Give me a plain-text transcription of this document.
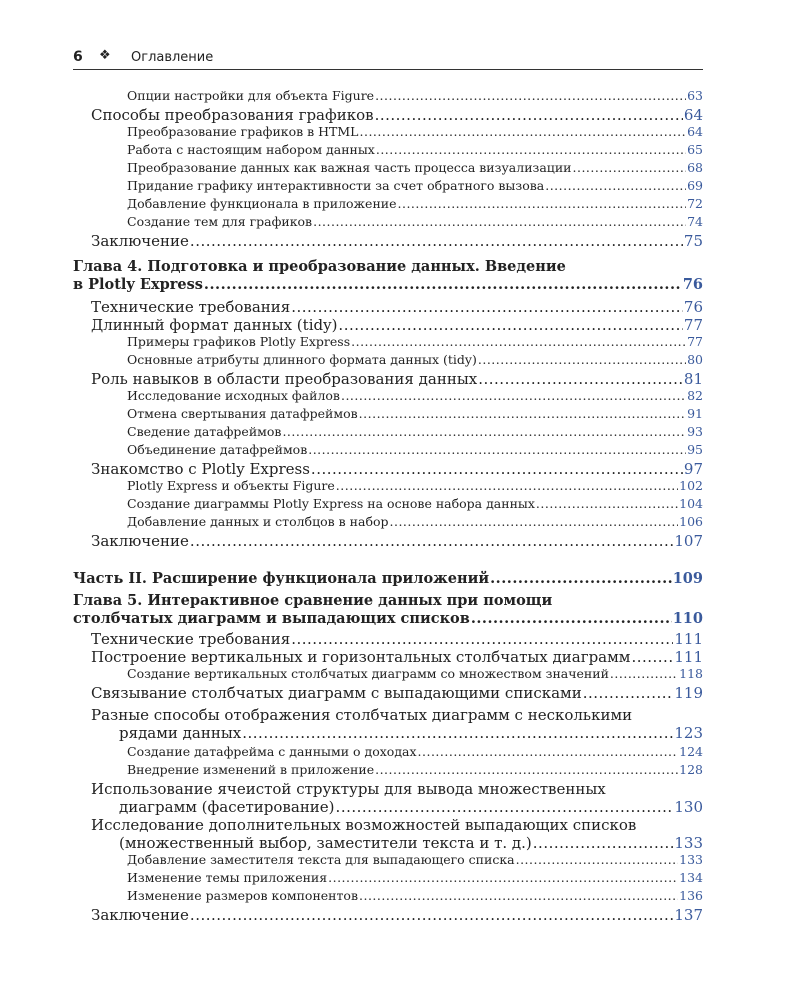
6 ❖ Оглавление
Опции настройки для объекта Figure .....	63
Способы преобразования графиков .....	64
Преобразование графиков в HTML .....	64
Работа с настоящим набором данных .....	65
Преобразование данных как важная часть процесса визуализации .....	68
Придание графику интерактивности за счет обратного вызова .....	69
Добавление функционала в приложение .....	72
Создание тем для графиков .....	74
Заключение .....	75
Глава 4. Подготовка и преобразование данных. Введение
в Plotly Express .....	76
Технические требования .....	76
Длинный формат данных (tidy) .....	77
Примеры графиков Plotly Express .....	77
Основные атрибуты длинного формата данных (tidy) .....	80
Роль навыков в области преобразования данных .....	81
Исследование исходных файлов .....	82
Отмена свертывания датафреймов .....	91
Сведение датафреймов .....	93
Объединение датафреймов .....	95
Знакомство с Plotly Express .....	97
Plotly Express и объекты Figure .....	102
Создание диаграммы Plotly Express на основе набора данных .....	104
Добавление данных и столбцов в набор .....	106
Заключение .....	107
Часть II. Расширение функционала приложений .....	109
Глава 5. Интерактивное сравнение данных при помощи
столбчатых диаграмм и выпадающих списков .....	110
Технические требования .....	111
Построение вертикальных и горизонтальных столбчатых диаграмм .....	111
Создание вертикальных столбчатых диаграмм со множеством значений .....	118
Связывание столбчатых диаграмм с выпадающими списками .....	119
Разные способы отображения столбчатых диаграмм с несколькими
рядами данных .....	123
Создание датафрейма с данными о доходах .....	124
Внедрение изменений в приложение .....	128
Использование ячеистой структуры для вывода множественных
диаграмм (фасетирование) .....	130
Исследование дополнительных возможностей выпадающих списков
(множественный выбор, заместители текста и т. д.) .....	133
Добавление заместителя текста для выпадающего списка .....	133
Изменение темы приложения .....	134
Изменение размеров компонентов .....	136
Заключение .....	137
